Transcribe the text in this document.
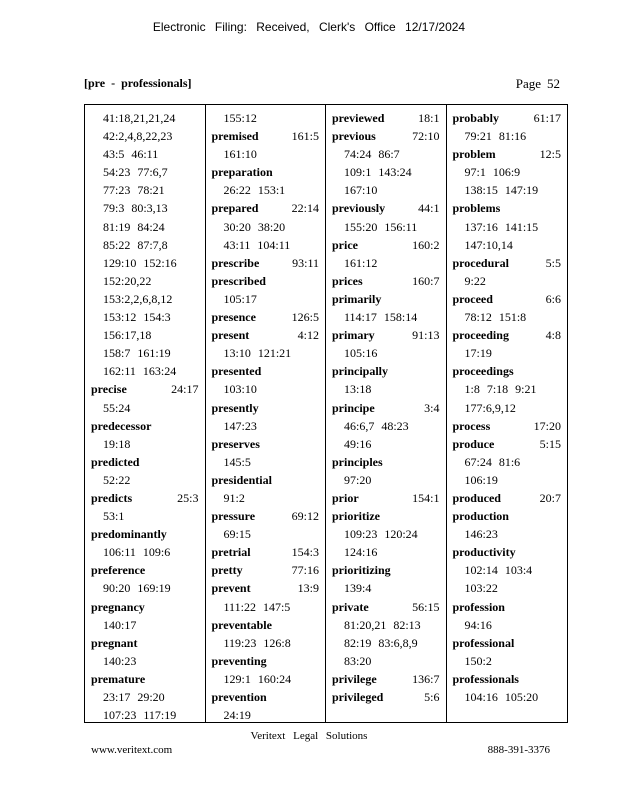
Electronic Filing: Received, Clerk's Office 12/17/2024
[pre - professionals]	Page 52
41:18,21,21,24
42:2,4,8,22,23
43:5 46:11
54:23 77:6,7
77:23 78:21
79:3 80:3,13
81:19 84:24
85:22 87:7,8
129:10 152:16
152:20,22
153:2,2,6,8,12
153:12 154:3
156:17,18
158:7 161:19
162:11 163:24
precise	24:17
55:24
predecessor
19:18
predicted
52:22
predicts	25:3
53:1
predominantly
106:11 109:6
preference
90:20 169:19
pregnancy
140:17
pregnant
140:23
premature
23:17 29:20
107:23 117:19
155:12
premised	161:5
161:10
preparation
26:22 153:1
prepared	22:14
30:20 38:20
43:11 104:11
prescribe	93:11
prescribed
105:17
presence	126:5
present	4:12
13:10 121:21
presented
103:10
presently
147:23
preserves
145:5
presidential
91:2
pressure	69:12
69:15
pretrial	154:3
pretty	77:16
prevent	13:9
111:22 147:5
preventable
119:23 126:8
preventing
129:1 160:24
prevention
24:19
previewed	18:1
previous	72:10
74:24 86:7
109:1 143:24
167:10
previously	44:1
155:20 156:11
price	160:2
161:12
prices	160:7
primarily
114:17 158:14
primary	91:13
105:16
principally
13:18
principe	3:4
46:6,7 48:23
49:16
principles
97:20
prior	154:1
prioritize
109:23 120:24
124:16
prioritizing
139:4
private	56:15
81:20,21 82:13
82:19 83:6,8,9
83:20
privilege	136:7
privileged	5:6
probably	61:17
79:21 81:16
problem	12:5
97:1 106:9
138:15 147:19
problems
137:16 141:15
147:10,14
procedural	5:5
9:22
proceed	6:6
78:12 151:8
proceeding	4:8
17:19
proceedings
1:8 7:18 9:21
177:6,9,12
process	17:20
produce	5:15
67:24 81:6
106:19
produced	20:7
production
146:23
productivity
102:14 103:4
103:22
profession
94:16
professional
150:2
professionals
104:16 105:20
Veritext Legal Solutions
www.veritext.com	888-391-3376
